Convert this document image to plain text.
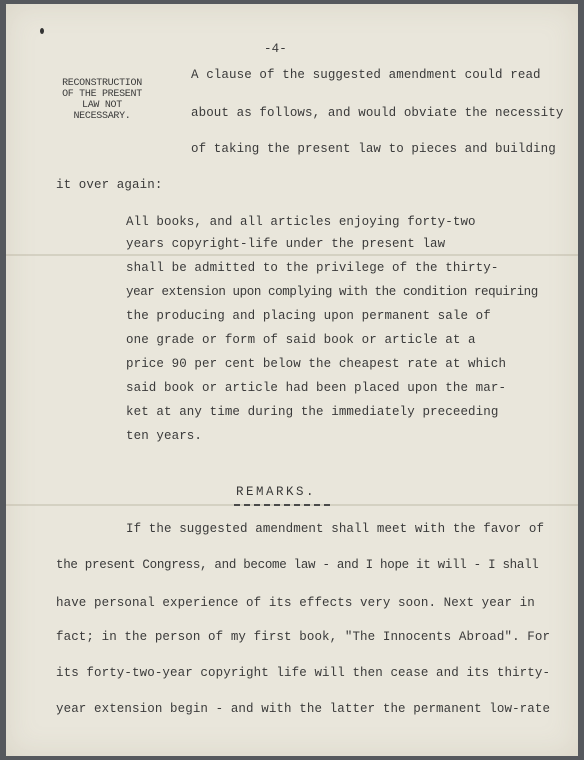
-4-
RECONSTRUCTION
OF THE PRESENT
LAW NOT
NECESSARY.
A clause of the suggested amendment could read
about as follows, and would obviate the necessity
of taking the present law to pieces and building
it over again:
All books, and all articles enjoying forty-two
years copyright-life under the present law
shall be admitted to the privilege of the thirty-
year extension upon complying with the condition requiring
the producing and placing upon permanent sale of
one grade or form of said book or article at a
price 90 per cent below the cheapest rate at which
said book or article had been placed upon the mar-
ket at any time during the immediately preceeding
ten years.
REMARKS.
If the suggested amendment shall meet with the favor of
the present Congress, and become law - and I hope it will - I shall
have personal experience of its effects very soon. Next year in
fact; in the person of my first book, "The Innocents Abroad". For
its forty-two-year copyright life will then cease and its thirty-
year extension begin - and with the latter the permanent low-rate
